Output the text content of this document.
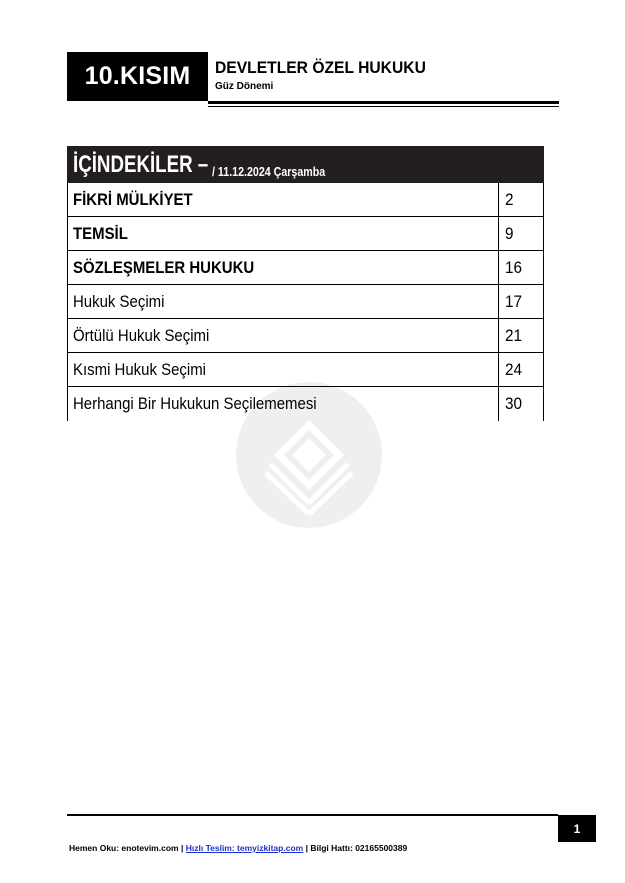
10.KISIM	DEVLETLER ÖZEL HUKUKU
Güz Dönemi
İÇİNDEKİLER – / 11.12.2024 Çarşamba
FİKRİ MÜLKİYET	2
TEMSİL	9
SÖZLEŞMELER HUKUKU	16
Hukuk Seçimi	17
Örtülü Hukuk Seçimi	21
Kısmi Hukuk Seçimi	24
Herhangi Bir Hukukun Seçilememesi	30
1
Hemen Oku: enotevim.com | Hızlı Teslim: temyizkitap.com | Bilgi Hattı: 02165500389
